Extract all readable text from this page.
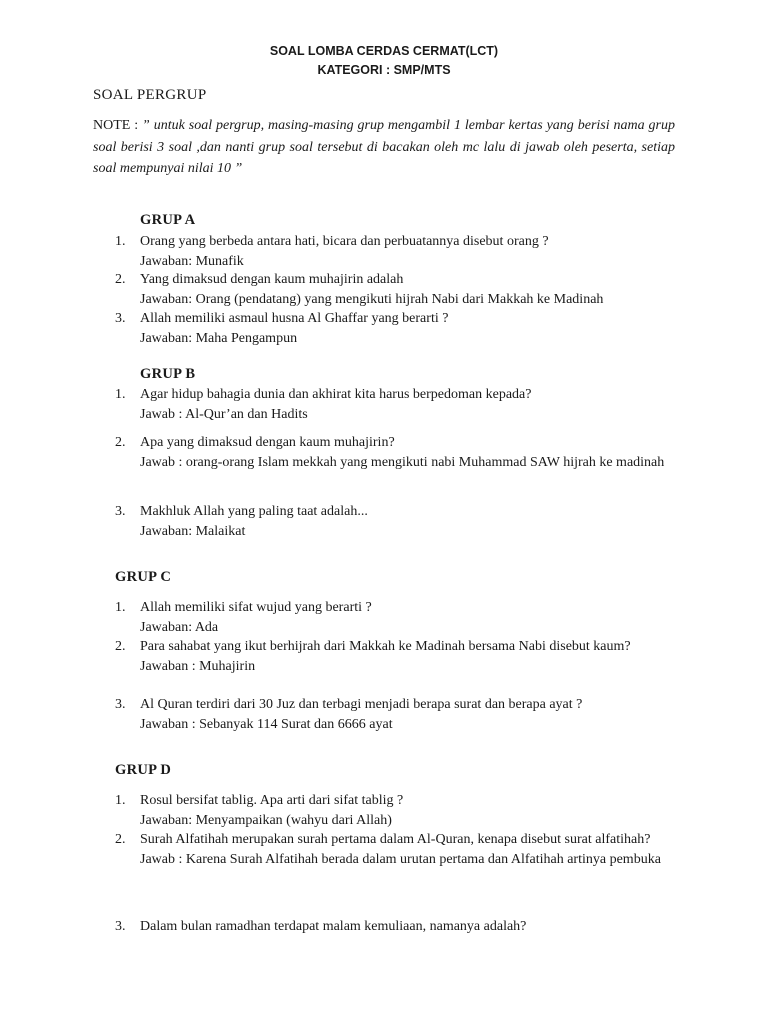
SOAL LOMBA CERDAS CERMAT(LCT)
KATEGORI : SMP/MTS
SOAL PERGRUP
NOTE : ” untuk soal pergrup, masing-masing grup mengambil 1 lembar kertas yang berisi nama grup soal berisi 3 soal ,dan nanti grup soal tersebut di bacakan oleh mc lalu di jawab oleh peserta, setiap soal mempunyai nilai 10 ”
GRUP A
1.	Orang yang berbeda antara hati, bicara dan perbuatannya disebut orang ?
Jawaban: Munafik
2.	Yang dimaksud dengan kaum muhajirin adalah
Jawaban: Orang (pendatang) yang mengikuti hijrah Nabi dari Makkah ke Madinah
3.	Allah memiliki asmaul husna Al Ghaffar yang berarti ?
Jawaban: Maha Pengampun
GRUP B
1.	Agar hidup bahagia dunia dan akhirat kita harus berpedoman kepada?
Jawab : Al-Qur’an dan Hadits
2.	Apa yang dimaksud dengan kaum muhajirin?
Jawab : orang-orang Islam mekkah yang mengikuti nabi Muhammad SAW hijrah ke madinah
3.	Makhluk Allah yang paling taat adalah...
Jawaban: Malaikat
GRUP C
1.	Allah memiliki sifat wujud yang berarti ?
Jawaban: Ada
2.	Para sahabat yang ikut berhijrah dari Makkah ke Madinah bersama Nabi disebut kaum?
Jawaban : Muhajirin
3.	Al Quran terdiri dari 30 Juz dan terbagi menjadi berapa surat dan berapa ayat ?
Jawaban : Sebanyak 114 Surat dan 6666 ayat
GRUP D
1.	Rosul bersifat tablig. Apa arti dari sifat tablig ?
Jawaban: Menyampaikan (wahyu dari Allah)
2.	Surah Alfatihah merupakan surah pertama dalam Al-Quran, kenapa disebut surat alfatihah?
Jawab : Karena Surah Alfatihah berada dalam urutan pertama dan Alfatihah artinya pembuka
3.	Dalam bulan ramadhan terdapat malam kemuliaan, namanya adalah?
